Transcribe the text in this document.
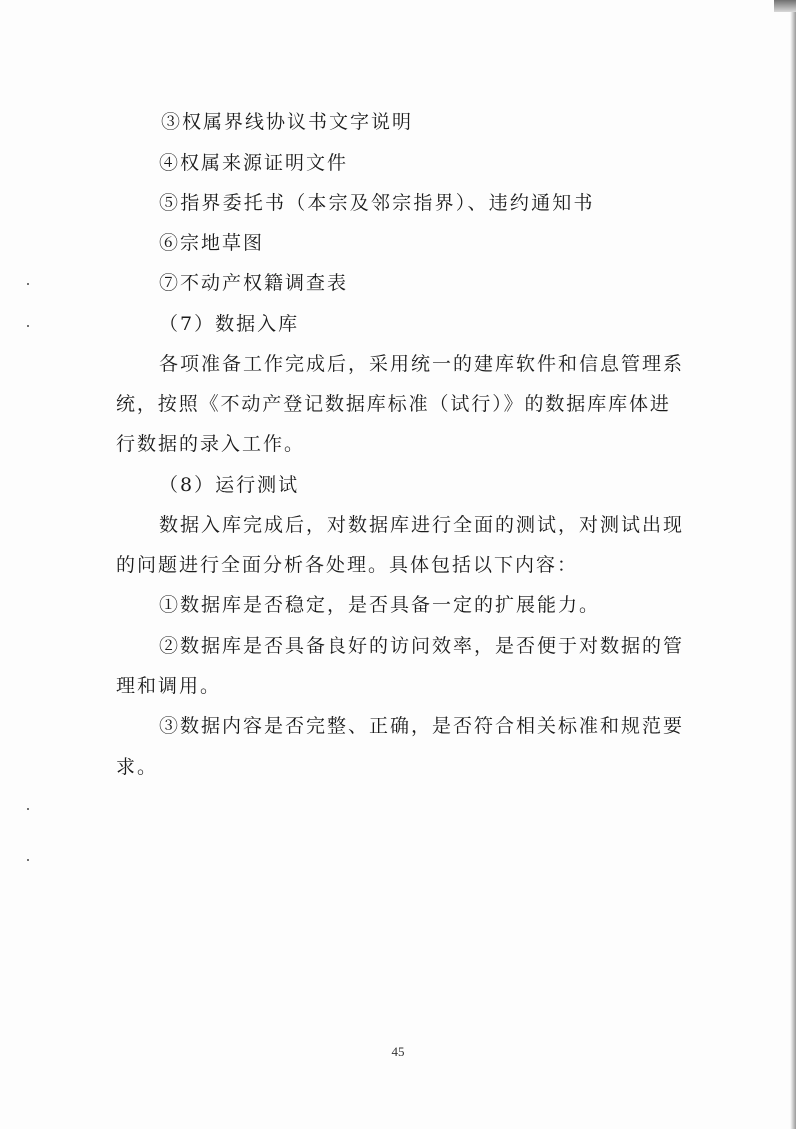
③权属界线协议书文字说明

④权属来源证明文件

⑤指界委托书（本宗及邻宗指界）、违约通知书

⑥宗地草图

⑦不动产权籍调查表

（7）数据入库

各项准备工作完成后，采用统一的建库软件和信息管理系

统，按照《不动产登记数据库标准（试行）》的数据库库体进

行数据的录入工作。

（8）运行测试

数据入库完成后，对数据库进行全面的测试，对测试出现

的问题进行全面分析各处理。具体包括以下内容：

①数据库是否稳定，是否具备一定的扩展能力。

②数据库是否具备良好的访问效率，是否便于对数据的管

理和调用。

③数据内容是否完整、正确，是否符合相关标准和规范要

求。

45
